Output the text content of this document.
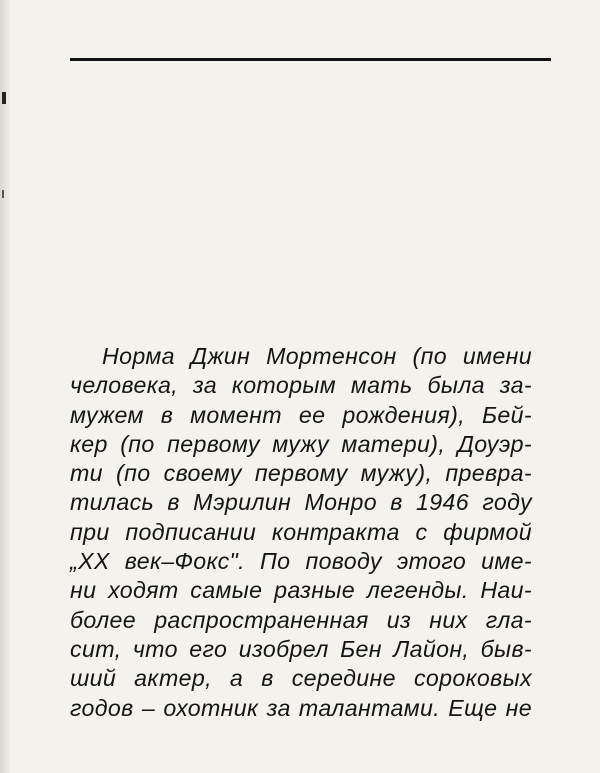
Норма Джин Мортенсон (по имени
человека, за которым мать была за-
мужем в момент ее рождения), Бей-
кер (по первому мужу матери), Доуэр-
ти (по своему первому мужу), превра-
тилась в Мэрилин Монро в 1946 году
при подписании контракта с фирмой
„XX век–Фокс". По поводу этого име-
ни ходят самые разные легенды. Наи-
более распространенная из них гла-
сит, что его изобрел Бен Лайон, быв-
ший актер, а в середине сороковых
годов – охотник за талантами. Еще не
